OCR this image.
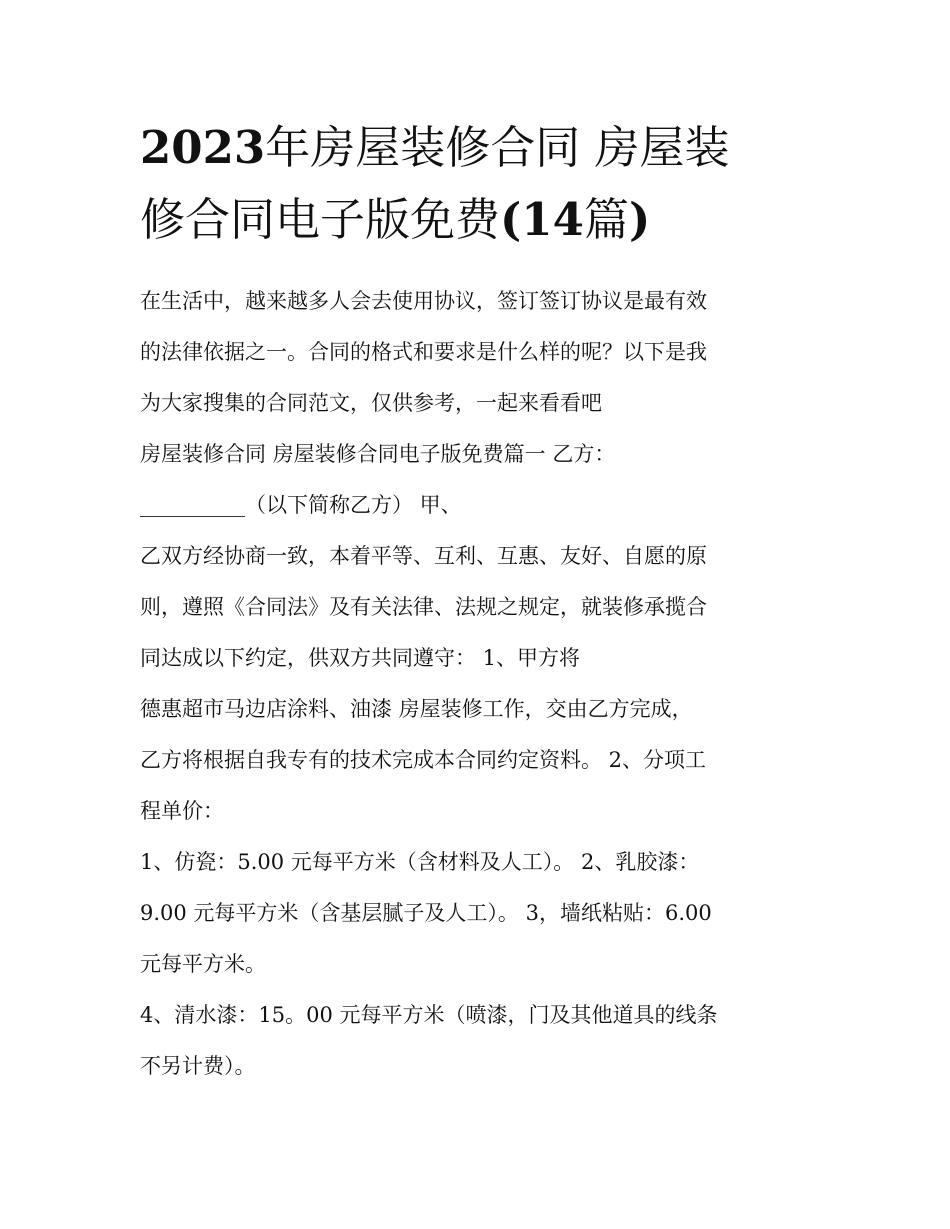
2023年房屋装修合同 房屋装
修合同电子版免费(14篇)
在生活中，越来越多人会去使用协议，签订签订协议是最有效
的法律依据之一。合同的格式和要求是什么样的呢？以下是我
为大家搜集的合同范文，仅供参考，一起来看看吧
房屋装修合同 房屋装修合同电子版免费篇一 乙方：
__________（以下简称乙方） 甲、
乙双方经协商一致，本着平等、互利、互惠、友好、自愿的原
则，遵照《合同法》及有关法律、法规之规定，就装修承揽合
同达成以下约定，供双方共同遵守： 1、甲方将
德惠超市马边店涂料、油漆 房屋装修工作，交由乙方完成，
乙方将根据自我专有的技术完成本合同约定资料。 2、分项工
程单价：
1、仿瓷：5.00 元每平方米（含材料及人工）。 2、乳胶漆：
9.00 元每平方米（含基层腻子及人工）。 3，墙纸粘贴：6.00
元每平方米。
4、清水漆：15。00 元每平方米（喷漆，门及其他道具的线条
不另计费）。
